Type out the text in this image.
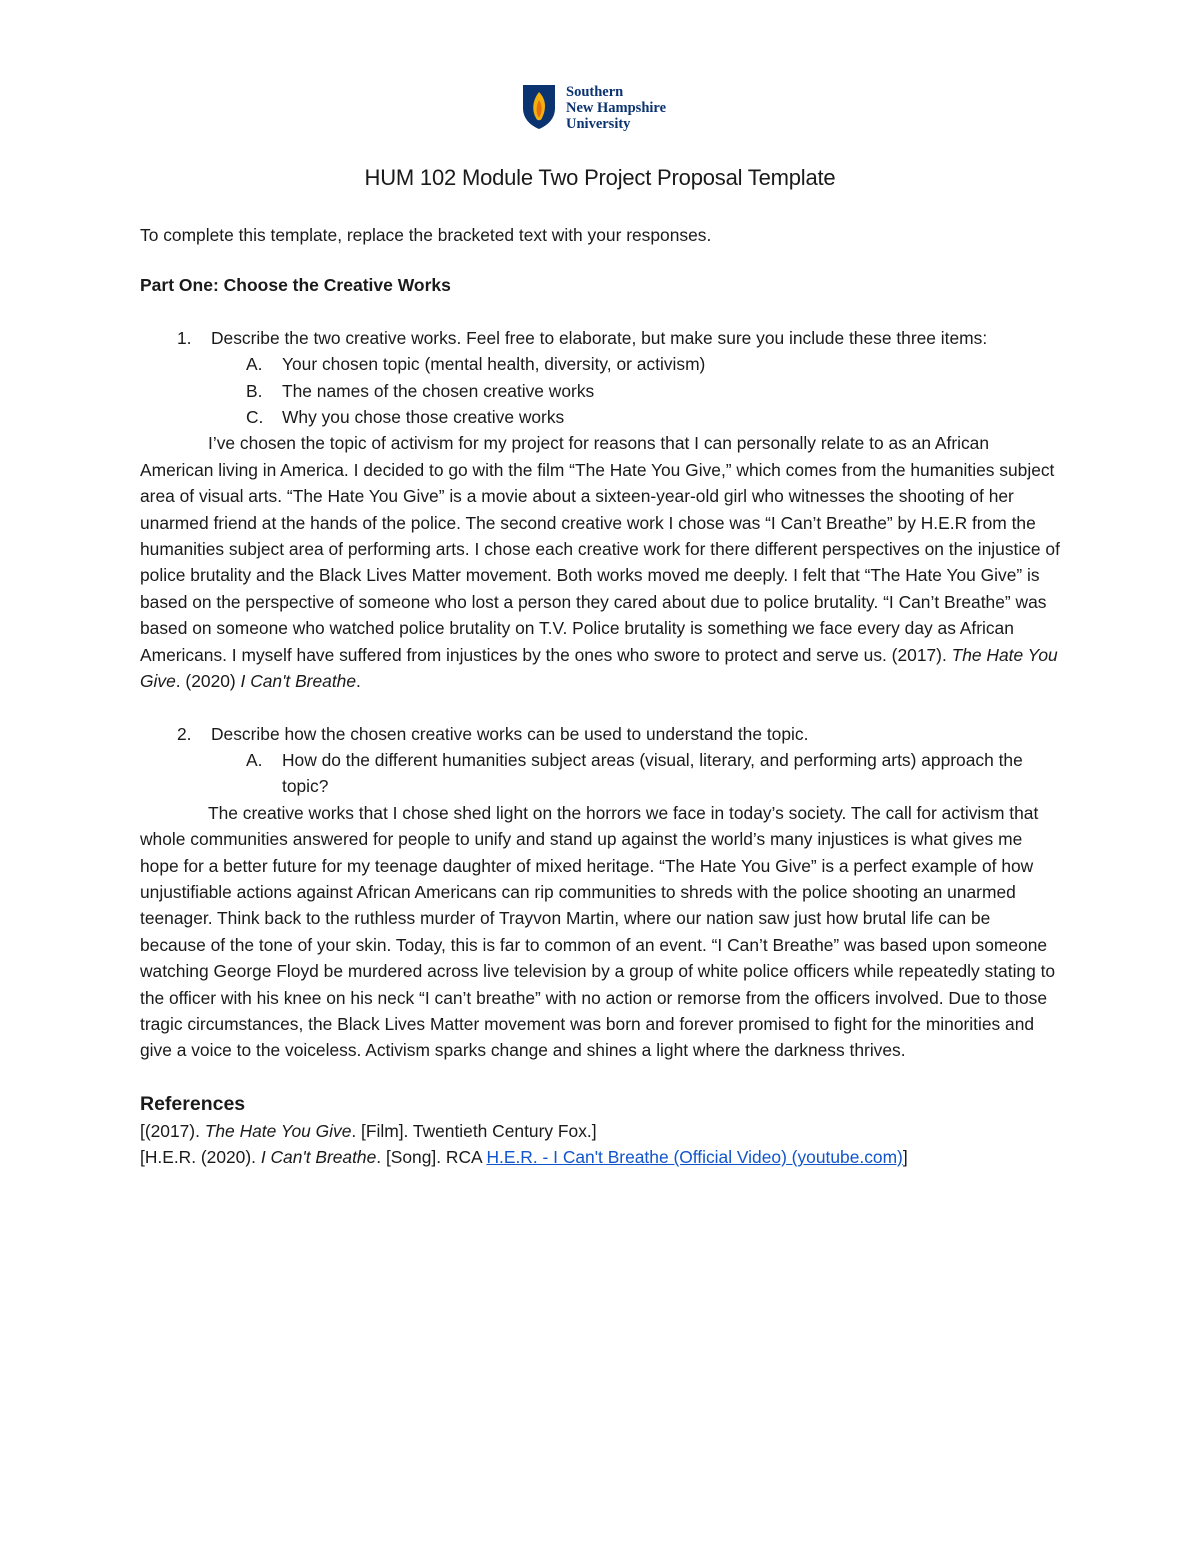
Southern
New Hampshire
University
HUM 102 Module Two Project Proposal Template

To complete this template, replace the bracketed text with your responses.

Part One: Choose the Creative Works
1. Describe the two creative works. Feel free to elaborate, but make sure you include these three items:
A. Your chosen topic (mental health, diversity, or activism)
B. The names of the chosen creative works
C. Why you chose those creative works

I’ve chosen the topic of activism for my project for reasons that I can personally relate to as an African American living in America. I decided to go with the film “The Hate You Give,” which comes from the humanities subject area of visual arts. “The Hate You Give” is a movie about a sixteen-year-old girl who witnesses the shooting of her unarmed friend at the hands of the police. The second creative work I chose was “I Can’t Breathe” by H.E.R from the humanities subject area of performing arts. I chose each creative work for there different perspectives on the injustice of police brutality and the Black Lives Matter movement. Both works moved me deeply. I felt that “The Hate You Give” is based on the perspective of someone who lost a person they cared about due to police brutality. “I Can’t Breathe” was based on someone who watched police brutality on T.V. Police brutality is something we face every day as African Americans. I myself have suffered from injustices by the ones who swore to protect and serve us. (2017). The Hate You Give. (2020) I Can't Breathe.

2. Describe how the chosen creative works can be used to understand the topic.
A. How do the different humanities subject areas (visual, literary, and performing arts) approach the topic?

The creative works that I chose shed light on the horrors we face in today’s society. The call for activism that whole communities answered for people to unify and stand up against the world’s many injustices is what gives me hope for a better future for my teenage daughter of mixed heritage. “The Hate You Give” is a perfect example of how unjustifiable actions against African Americans can rip communities to shreds with the police shooting an unarmed teenager. Think back to the ruthless murder of Trayvon Martin, where our nation saw just how brutal life can be because of the tone of your skin. Today, this is far to common of an event. “I Can’t Breathe” was based upon someone watching George Floyd be murdered across live television by a group of white police officers while repeatedly stating to the officer with his knee on his neck “I can’t breathe” with no action or remorse from the officers involved. Due to those tragic circumstances, the Black Lives Matter movement was born and forever promised to fight for the minorities and give a voice to the voiceless. Activism sparks change and shines a light where the darkness thrives.

References

[(2017). The Hate You Give. [Film]. Twentieth Century Fox.]

[H.E.R. (2020). I Can't Breathe. [Song]. RCA H.E.R. - I Can't Breathe (Official Video) (youtube.com)]
